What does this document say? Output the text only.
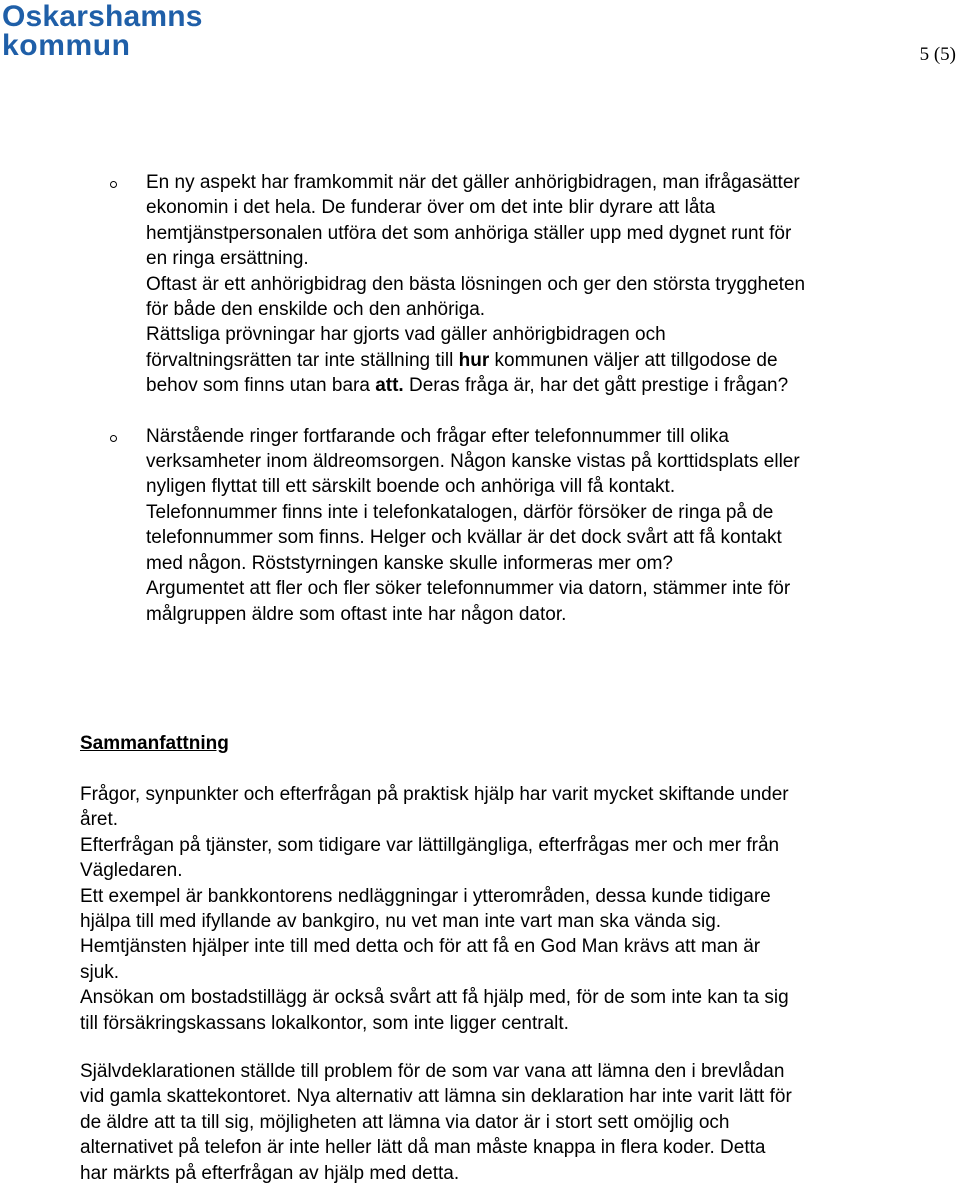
Oskarshamns
kommun	5 (5)
En ny aspekt har framkommit när det gäller anhörigbidragen, man ifrågasätter
ekonomin i det hela. De funderar över om det inte blir dyrare att låta
hemtjänstpersonalen utföra det som anhöriga ställer upp med dygnet runt för
en ringa ersättning.
Oftast är ett anhörigbidrag den bästa lösningen och ger den största tryggheten
för både den enskilde och den anhöriga.
Rättsliga prövningar har gjorts vad gäller anhörigbidragen och
förvaltningsrätten tar inte ställning till hur kommunen väljer att tillgodose de
behov som finns utan bara att. Deras fråga är, har det gått prestige i frågan?
Närstående ringer fortfarande och frågar efter telefonnummer till olika
verksamheter inom äldreomsorgen. Någon kanske vistas på korttidsplats eller
nyligen flyttat till ett särskilt boende och anhöriga vill få kontakt.
Telefonnummer finns inte i telefonkatalogen, därför försöker de ringa på de
telefonnummer som finns. Helger och kvällar är det dock svårt att få kontakt
med någon. Röststyrningen kanske skulle informeras mer om?
Argumentet att fler och fler söker telefonnummer via datorn, stämmer inte för
målgruppen äldre som oftast inte har någon dator.
Sammanfattning

Frågor, synpunkter och efterfrågan på praktisk hjälp har varit mycket skiftande under
året.
Efterfrågan på tjänster, som tidigare var lättillgängliga, efterfrågas mer och mer från
Vägledaren.
Ett exempel är bankkontorens nedläggningar i ytterområden, dessa kunde tidigare
hjälpa till med ifyllande av bankgiro, nu vet man inte vart man ska vända sig.
Hemtjänsten hjälper inte till med detta och för att få en God Man krävs att man är
sjuk.
Ansökan om bostadstillägg är också svårt att få hjälp med, för de som inte kan ta sig
till försäkringskassans lokalkontor, som inte ligger centralt.

Självdeklarationen ställde till problem för de som var vana att lämna den i brevlådan
vid gamla skattekontoret. Nya alternativ att lämna sin deklaration har inte varit lätt för
de äldre att ta till sig, möjligheten att lämna via dator är i stort sett omöjlig och
alternativet på telefon är inte heller lätt då man måste knappa in flera koder. Detta
har märkts på efterfrågan av hjälp med detta.
